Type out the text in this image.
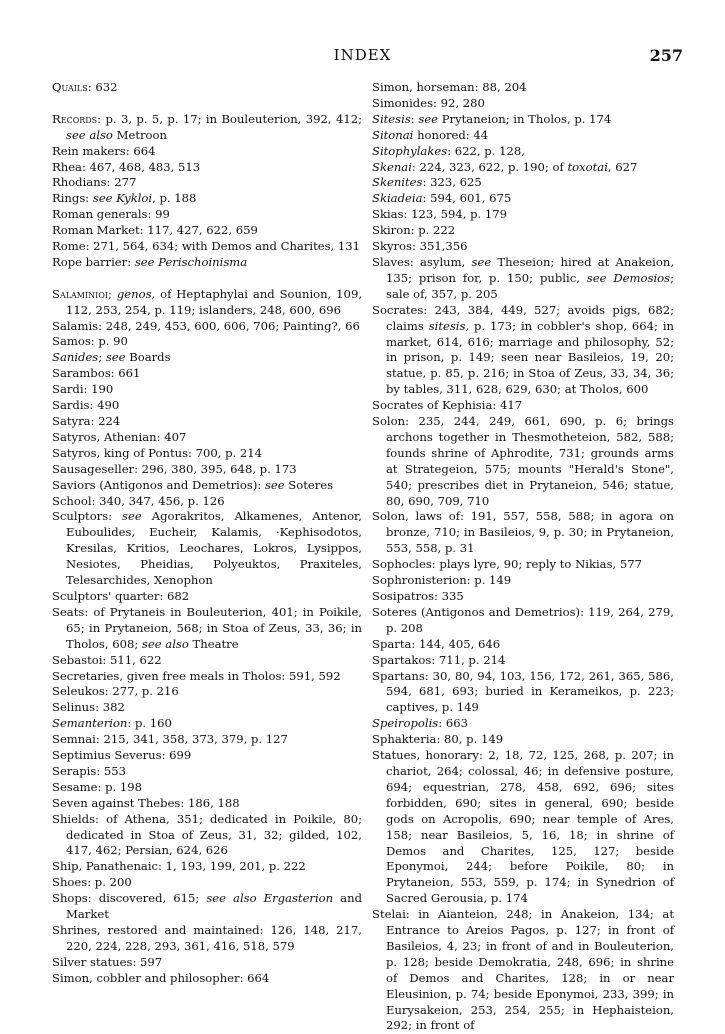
INDEX	257
Quails: 632
Records: p. 3, p. 5, p. 17; in Bouleuterion, 392, 412; see also Metroon
Rein makers: 664
Rhea: 467, 468, 483, 513
Rhodians: 277
Rings: see Kykloi, p. 188
Roman generals: 99
Roman Market: 117, 427, 622, 659
Rome: 271, 564, 634; with Demos and Charites, 131
Rope barrier: see Perischoinisma
Salaminioi; genos, of Heptaphylai and Sounion, 109, 112, 253, 254, p. 119; islanders, 248, 600, 696
Salamis: 248, 249, 453, 600, 606, 706; Painting?, 66
Samos: p. 90
Sanides; see Boards
Sarambos: 661
Sardi: 190
Sardis: 490
Satyra: 224
Satyros, Athenian: 407
Satyros, king of Pontus: 700, p. 214
Sausageseller: 296, 380, 395, 648, p. 173
Saviors (Antigonos and Demetrios): see Soteres
School: 340, 347, 456, p. 126
Sculptors: see Agorakritos, Alkamenes, Antenor, Euboulides, Eucheir, Kalamis, ·Kephisodotos, Kresilas, Kritios, Leochares, Lokros, Lysippos, Nesiotes, Pheidias, Polyeuktos, Praxiteles, Telesarchides, Xenophon
Sculptors' quarter: 682
Seats: of Prytaneis in Bouleuterion, 401; in Poikile, 65; in Prytaneion, 568; in Stoa of Zeus, 33, 36; in Tholos, 608; see also Theatre
Sebastoi: 511, 622
Secretaries, given free meals in Tholos: 591, 592
Seleukos: 277, p. 216
Selinus: 382
Semanterion: p. 160
Semnai: 215, 341, 358, 373, 379, p. 127
Septimius Severus: 699
Serapis: 553
Sesame: p. 198
Seven against Thebes: 186, 188
Shields: of Athena, 351; dedicated in Poikile, 80; dedicated in Stoa of Zeus, 31, 32; gilded, 102, 417, 462; Persian, 624, 626
Ship, Panathenaic: 1, 193, 199, 201, p. 222
Shoes: p. 200
Shops: discovered, 615; see also Ergasterion and Market
Shrines, restored and maintained: 126, 148, 217, 220, 224, 228, 293, 361, 416, 518, 579
Silver statues: 597
Simon, cobbler and philosopher: 664
Simon, horseman: 88, 204
Simonides: 92, 280
Sitesis: see Prytaneion; in Tholos, p. 174
Sitonai honored: 44
Sitophylakes: 622, p. 128,
Skenai: 224, 323, 622, p. 190; of toxotai, 627
Skenites: 323, 625
Skiadeia: 594, 601, 675
Skias: 123, 594, p. 179
Skiron: p. 222
Skyros: 351,356
Slaves: asylum, see Theseion; hired at Anakeion, 135; prison for, p. 150; public, see Demosios; sale of, 357, p. 205
Socrates: 243, 384, 449, 527; avoids pigs, 682; claims sitesis, p. 173; in cobbler's shop, 664; in market, 614, 616; marriage and philosophy, 52; in prison, p. 149; seen near Basileios, 19, 20; statue, p. 85, p. 216; in Stoa of Zeus, 33, 34, 36; by tables, 311, 628, 629, 630; at Tholos, 600
Socrates of Kephisia: 417
Solon: 235, 244, 249, 661, 690, p. 6; brings archons together in Thesmotheteion, 582, 588; founds shrine of Aphrodite, 731; grounds arms at Strategeion, 575; mounts "Herald's Stone", 540; prescribes diet in Prytaneion, 546; statue, 80, 690, 709, 710
Solon, laws of: 191, 557, 558, 588; in agora on bronze, 710; in Basileios, 9, p. 30; in Prytaneion, 553, 558, p. 31
Sophocles: plays lyre, 90; reply to Nikias, 577
Sophronisterion: p. 149
Sosipatros: 335
Soteres (Antigonos and Demetrios): 119, 264, 279, p. 208
Sparta: 144, 405, 646
Spartakos: 711, p. 214
Spartans: 30, 80, 94, 103, 156, 172, 261, 365, 586, 594, 681, 693; buried in Kerameikos, p. 223; captives, p. 149
Speiropolis: 663
Sphakteria: 80, p. 149
Statues, honorary: 2, 18, 72, 125, 268, p. 207; in chariot, 264; colossal, 46; in defensive posture, 694; equestrian, 278, 458, 692, 696; sites forbidden, 690; sites in general, 690; beside gods on Acropolis, 690; near temple of Ares, 158; near Basileios, 5, 16, 18; in shrine of Demos and Charites, 125, 127; beside Eponymoi, 244; before Poikile, 80; in Prytaneion, 553, 559, p. 174; in Synedrion of Sacred Gerousia, p. 174
Stelai: in Aianteion, 248; in Anakeion, 134; at Entrance to Areios Pagos, p. 127; in front of Basileios, 4, 23; in front of and in Bouleuterion, p. 128; beside Demokratia, 248, 696; in shrine of Demos and Charites, 128; in or near Eleusinion, p. 74; beside Eponymoi, 233, 399; in Eurysakeion, 253, 254, 255; in Hephaisteion, 292; in front of
